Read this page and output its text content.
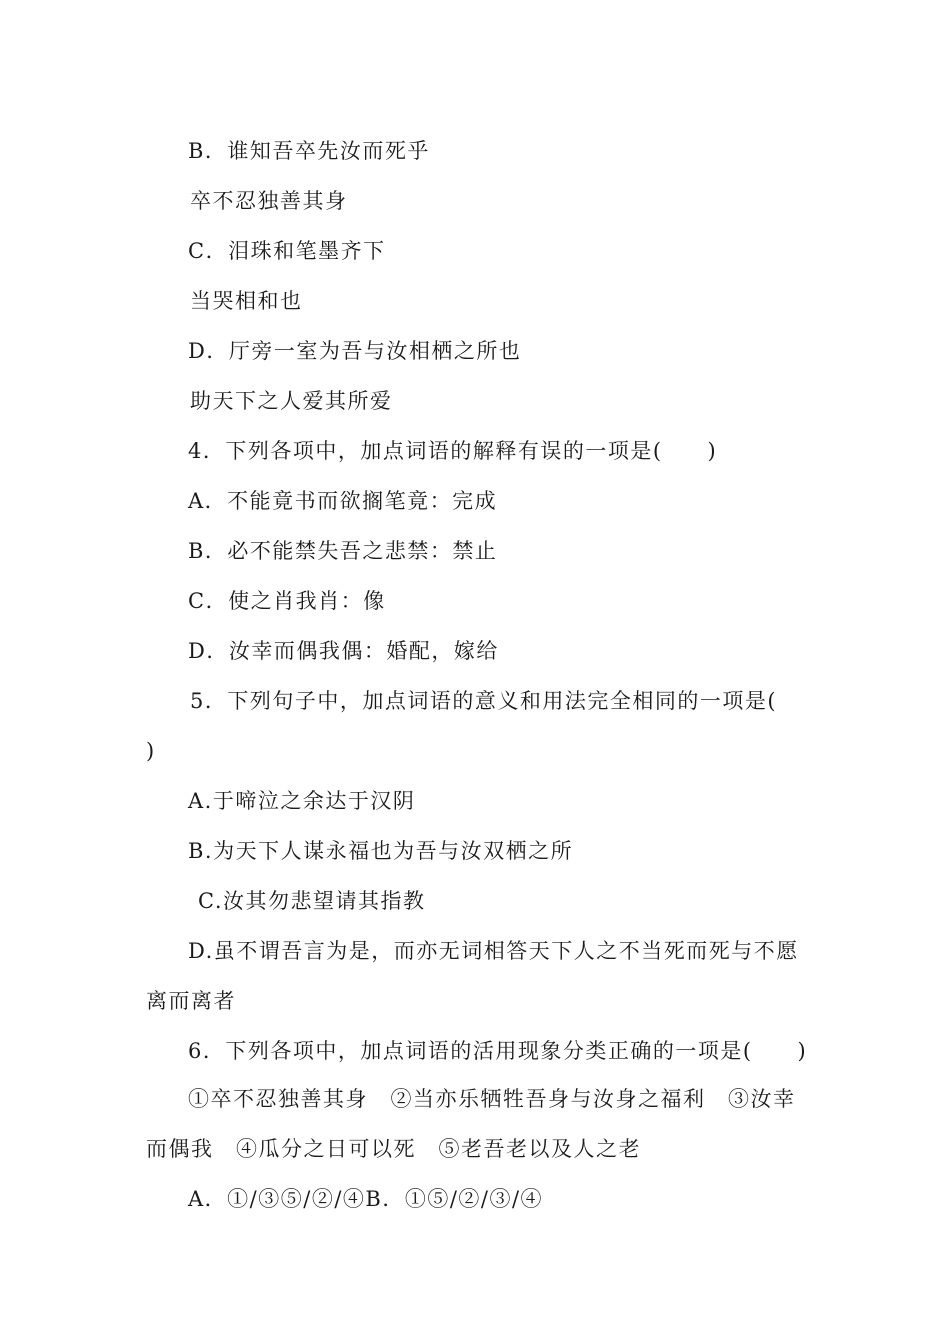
B．谁知吾卒先汝而死乎
卒不忍独善其身
C．泪珠和笔墨齐下
当哭相和也
D．厅旁一室为吾与汝相栖之所也
助天下之人爱其所爱
4．下列各项中，加点词语的解释有误的一项是(　　)
A．不能竟书而欲搁笔竟：完成
B．必不能禁失吾之悲禁：禁止
C．使之肖我肖：像
D．汝幸而偶我偶：婚配，嫁给
5．下列句子中，加点词语的意义和用法完全相同的一项是(
)
A.于啼泣之余达于汉阴
B.为天下人谋永福也为吾与汝双栖之所
C.汝其勿悲望请其指教
D.虽不谓吾言为是，而亦无词相答天下人之不当死而死与不愿
离而离者
6．下列各项中，加点词语的活用现象分类正确的一项是(　　)
①卒不忍独善其身　②当亦乐牺牲吾身与汝身之福利　③汝幸
而偶我　④瓜分之日可以死　⑤老吾老以及人之老
A．①/③⑤/②/④B．①⑤/②/③/④
